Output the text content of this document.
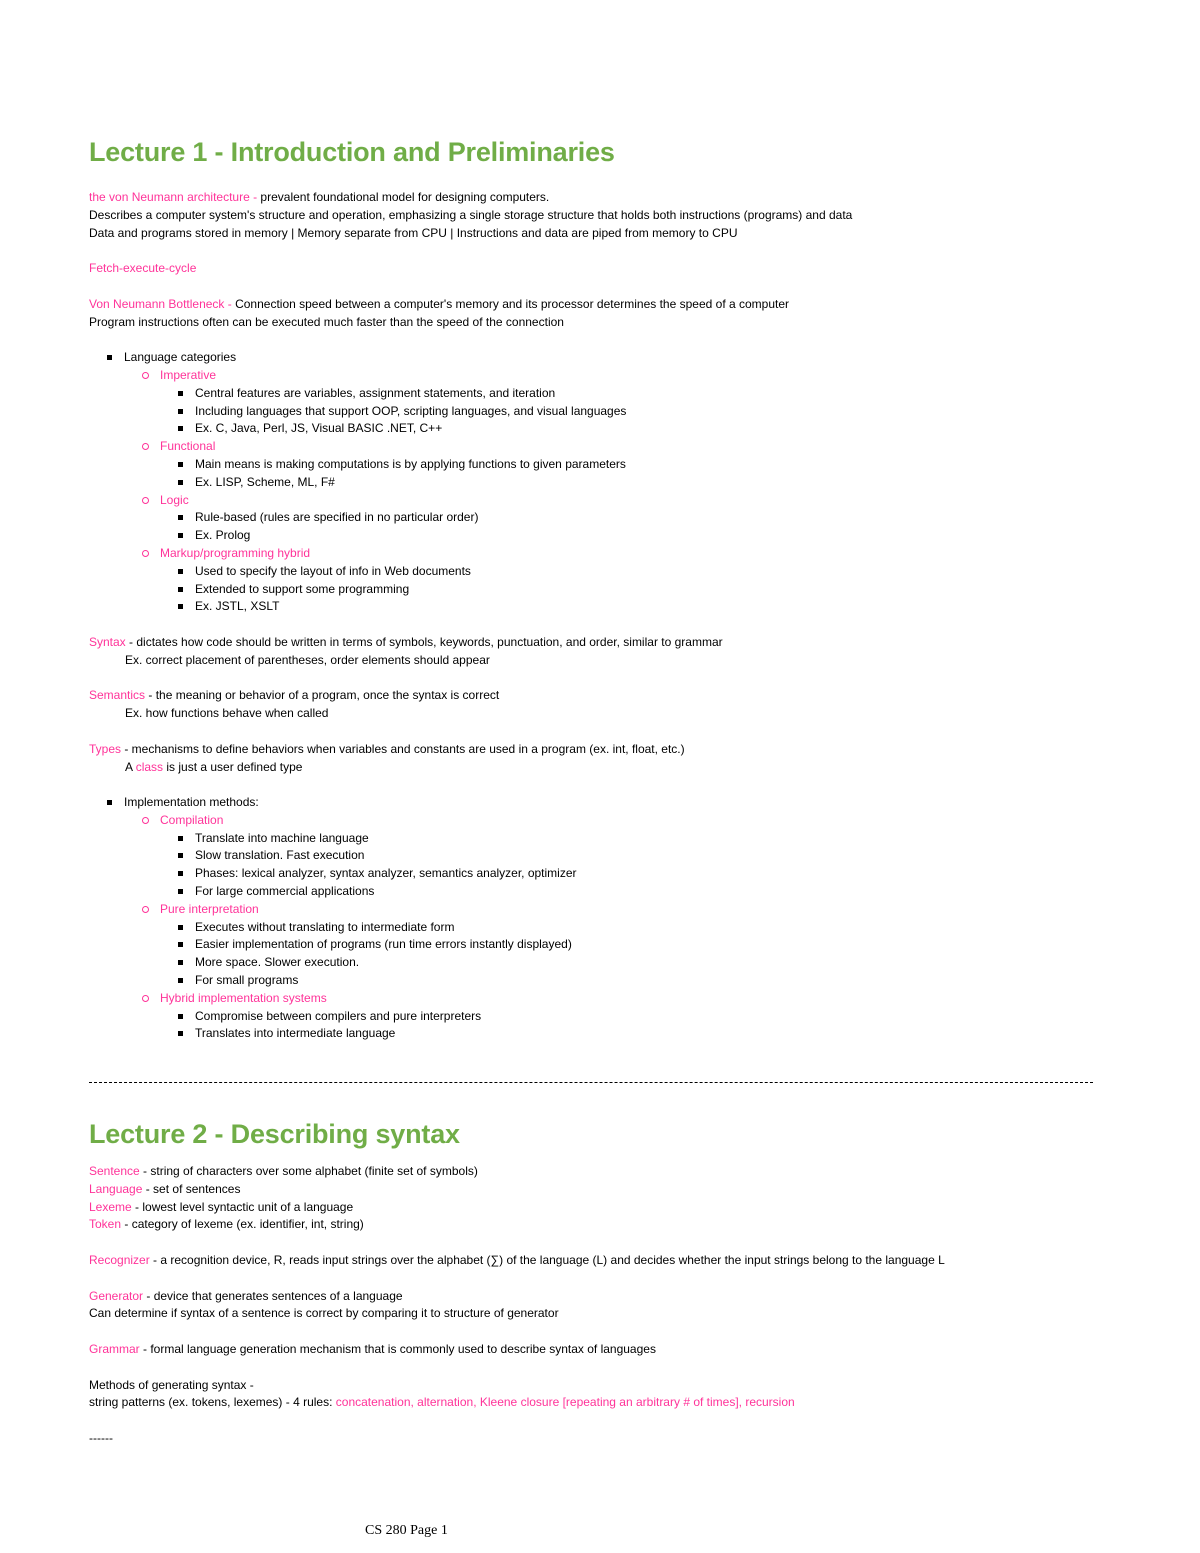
Lecture 1 - Introduction and Preliminaries
the von Neumann architecture - prevalent foundational model for designing computers.
Describes a computer system's structure and operation, emphasizing a single storage structure that holds both instructions (programs) and data
Data and programs stored in memory | Memory separate from CPU | Instructions and data are piped from memory to CPU
Fetch-execute-cycle
Von Neumann Bottleneck - Connection speed between a computer's memory and its processor determines the speed of a computer
Program instructions often can be executed much faster than the speed of the connection
Language categories
Imperative
Central features are variables, assignment statements, and iteration
Including languages that support OOP, scripting languages, and visual languages
Ex. C, Java, Perl, JS, Visual BASIC .NET, C++
Functional
Main means is making computations is by applying functions to given parameters
Ex. LISP, Scheme, ML, F#
Logic
Rule-based (rules are specified in no particular order)
Ex. Prolog
Markup/programming hybrid
Used to specify the layout of info in Web documents
Extended to support some programming
Ex. JSTL, XSLT
Syntax - dictates how code should be written in terms of symbols, keywords, punctuation, and order, similar to grammar
Ex. correct placement of parentheses, order elements should appear
Semantics - the meaning or behavior of a program, once the syntax is correct
Ex. how functions behave when called
Types - mechanisms to define behaviors when variables and constants are used in a program (ex. int, float, etc.)
A class is just a user defined type
Implementation methods:
Compilation
Translate into machine language
Slow translation. Fast execution
Phases: lexical analyzer, syntax analyzer, semantics analyzer, optimizer
For large commercial applications
Pure interpretation
Executes without translating to intermediate form
Easier implementation of programs (run time errors instantly displayed)
More space. Slower execution.
For small programs
Hybrid implementation systems
Compromise between compilers and pure interpreters
Translates into intermediate language
Lecture 2 - Describing syntax
Sentence - string of characters over some alphabet (finite set of symbols)
Language - set of sentences
Lexeme - lowest level syntactic unit of a language
Token - category of lexeme (ex. identifier, int, string)
Recognizer - a recognition device, R, reads input strings over the alphabet (∑) of the language (L) and decides whether the input strings belong to the language L
Generator - device that generates sentences of a language
Can determine if syntax of a sentence is correct by comparing it to structure of generator
Grammar - formal language generation mechanism that is commonly used to describe syntax of languages
Methods of generating syntax -
string patterns (ex. tokens, lexemes) - 4 rules: concatenation, alternation, Kleene closure [repeating an arbitrary # of times], recursion
------
CS 280 Page 1
